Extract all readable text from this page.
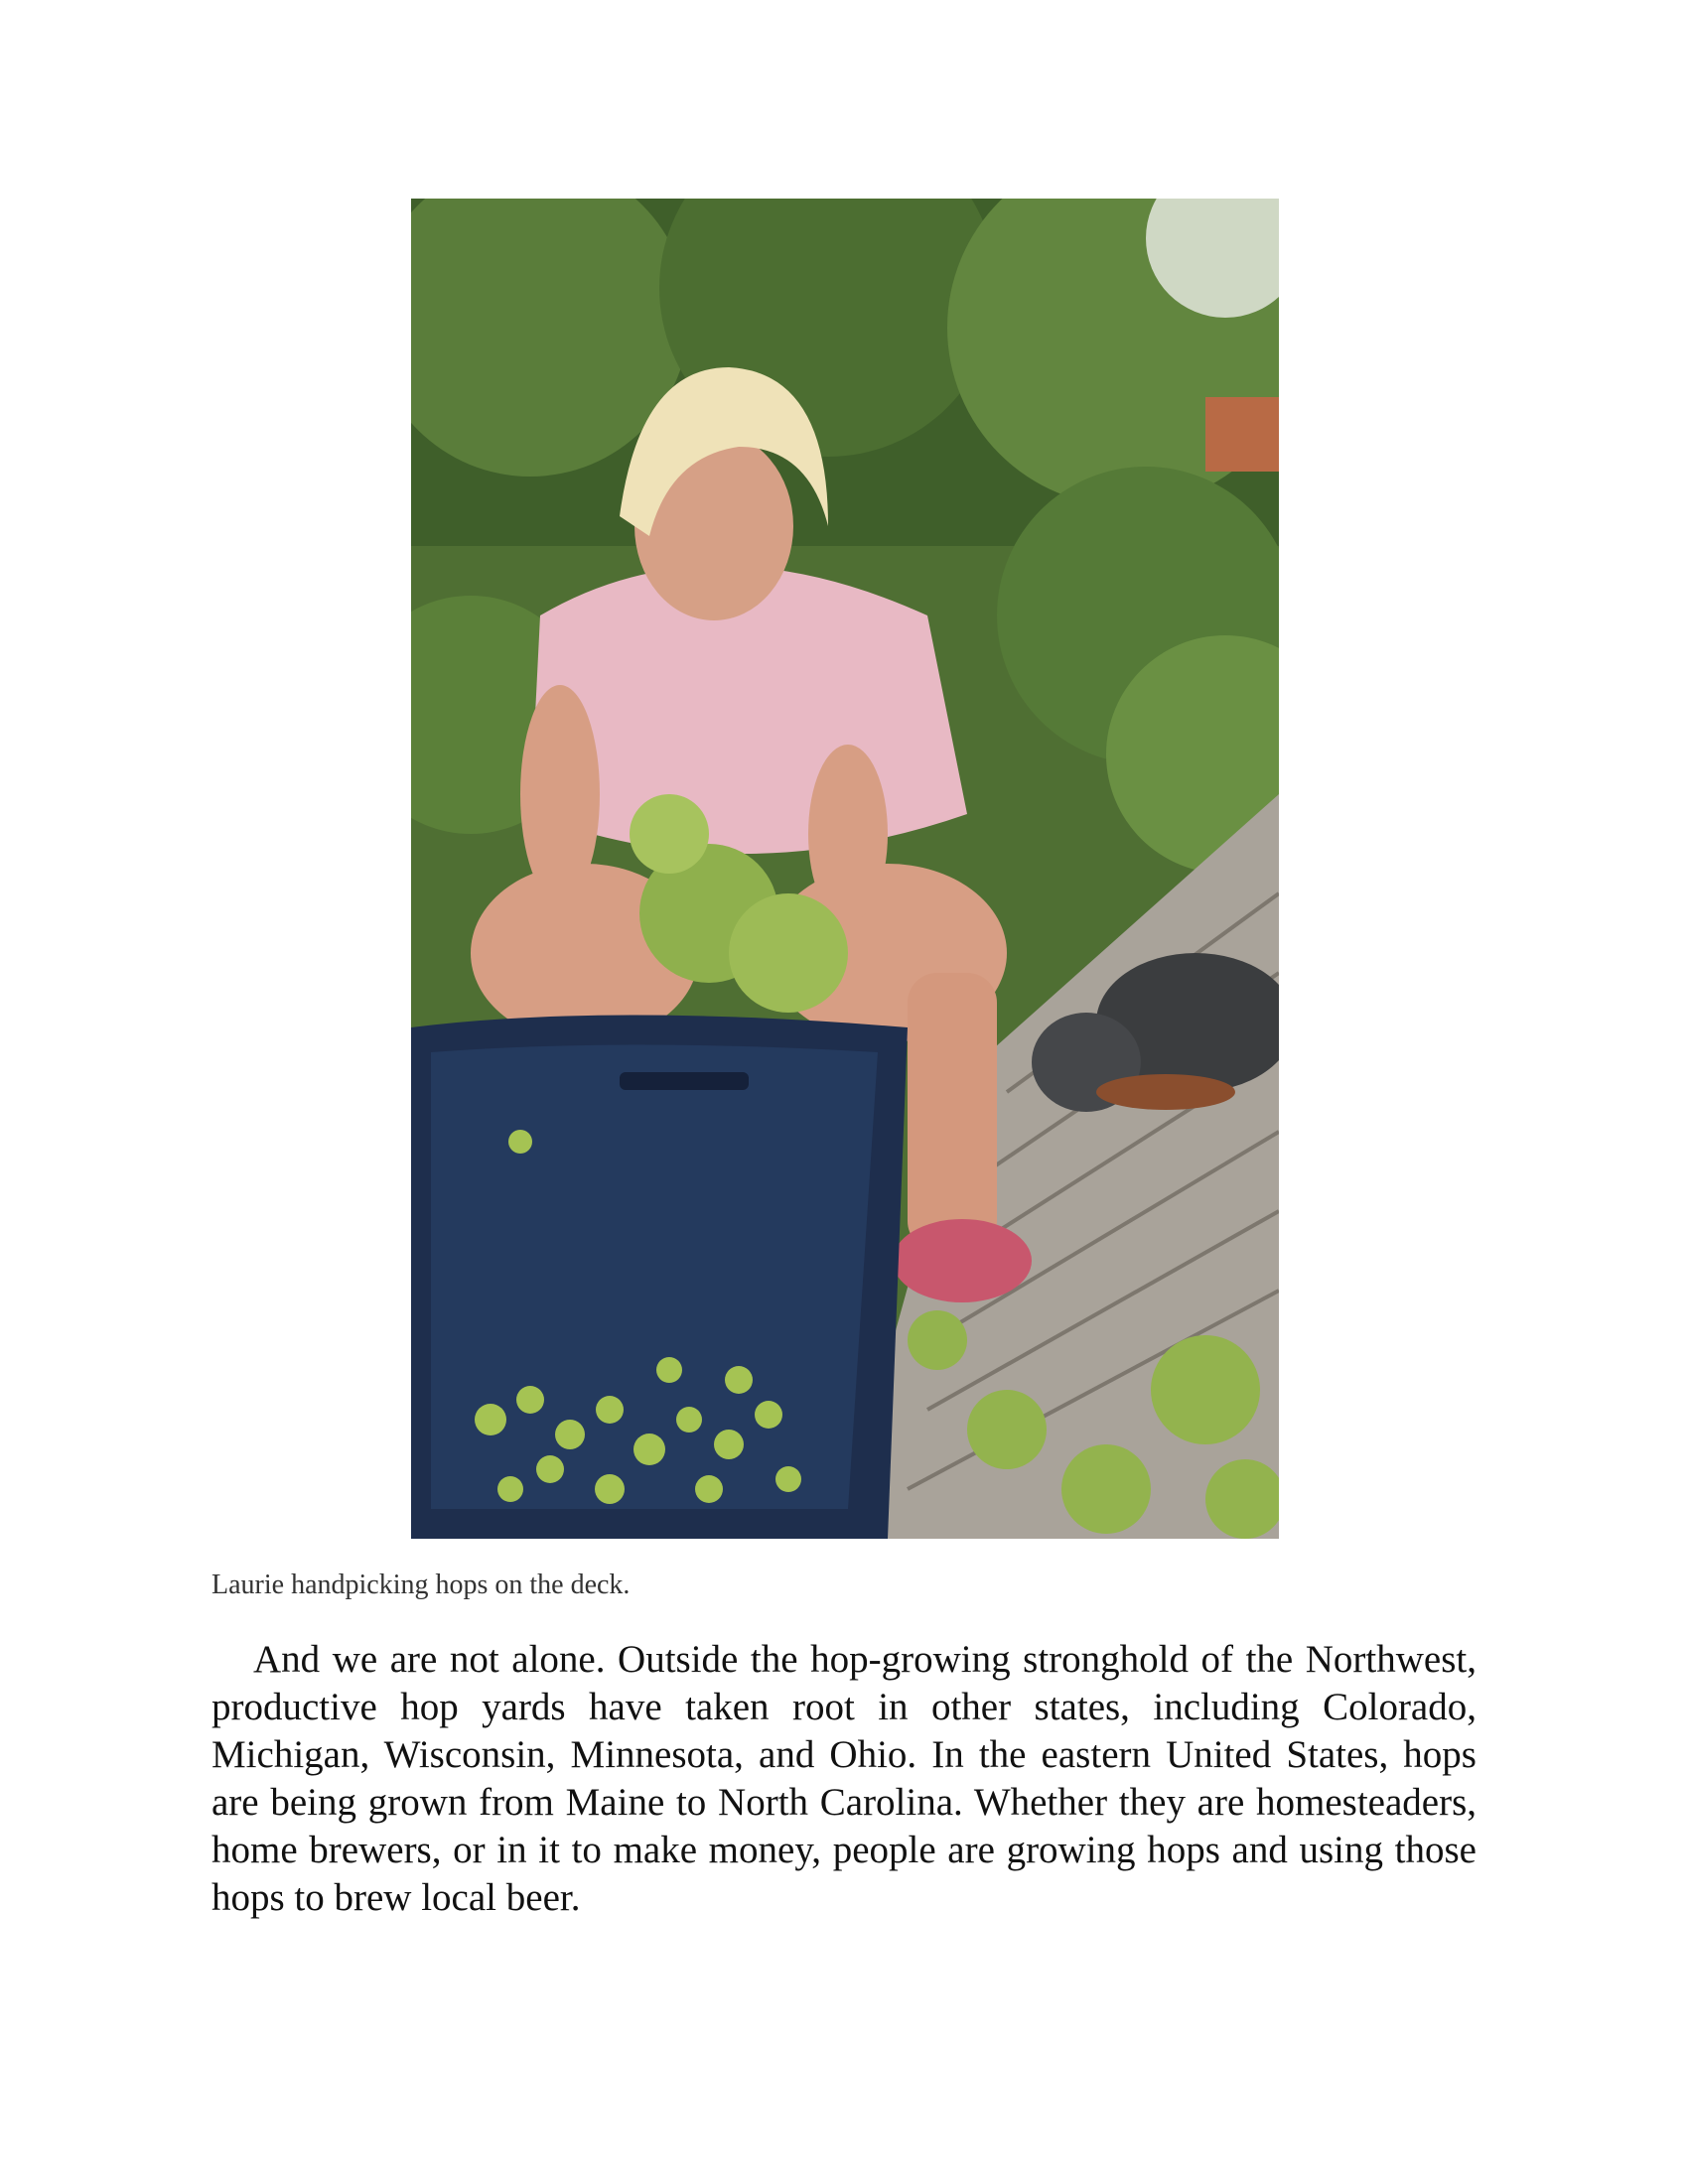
Laurie handpicking hops on the deck.

And we are not alone. Outside the hop-growing stronghold of the Northwest, productive hop yards have taken root in other states, including Colorado, Michigan, Wisconsin, Minnesota, and Ohio. In the eastern United States, hops are being grown from Maine to North Carolina. Whether they are homesteaders, home brewers, or in it to make money, people are growing hops and using those hops to brew local beer.
